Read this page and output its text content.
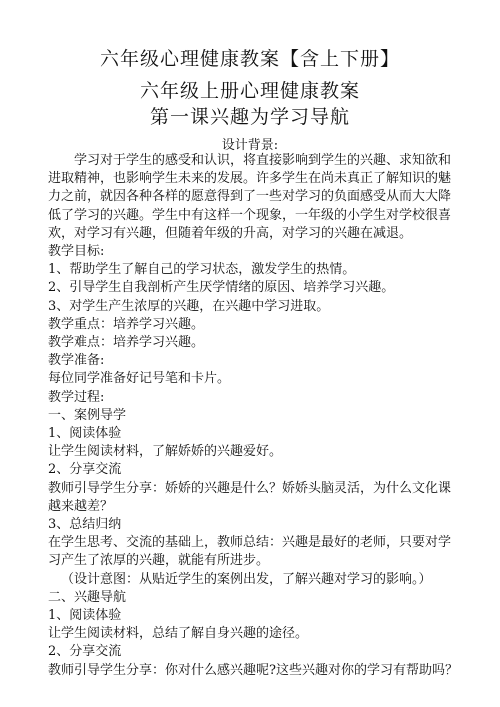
六年级心理健康教案【含上下册】
六年级上册心理健康教案
第一课兴趣为学习导航
设计背景:

学习对于学生的感受和认识，将直接影响到学生的兴趣、求知欲和进取精神，也影响学生未来的发展。许多学生在尚未真正了解知识的魅力之前，就因各种各样的愿意得到了一些对学习的负面感受从而大大降低了学习的兴趣。学生中有这样一个现象，一年级的小学生对学校很喜欢，对学习有兴趣，但随着年级的升高，对学习的兴趣在减退。

教学目标:

1、帮助学生了解自己的学习状态，激发学生的热情。

2、引导学生自我剖析产生厌学情绪的原因、培养学习兴趣。

3、对学生产生浓厚的兴趣，在兴趣中学习进取。

教学重点：培养学习兴趣。

教学难点：培养学习兴趣。

教学准备:

每位同学准备好记号笔和卡片。

教学过程:

一、案例导学

1、阅读体验

让学生阅读材料，了解娇娇的兴趣爱好。

2、分享交流

教师引导学生分享：娇娇的兴趣是什么？娇娇头脑灵活，为什么文化课越来越差？

3、总结归纳

在学生思考、交流的基础上，教师总结：兴趣是最好的老师，只要对学习产生了浓厚的兴趣，就能有所进步。

（设计意图：从贴近学生的案例出发，了解兴趣对学习的影响。）

二、兴趣导航

1、阅读体验

让学生阅读材料，总结了解自身兴趣的途径。

2、分享交流

教师引导学生分享：你对什么感兴趣呢?这些兴趣对你的学习有帮助吗？
